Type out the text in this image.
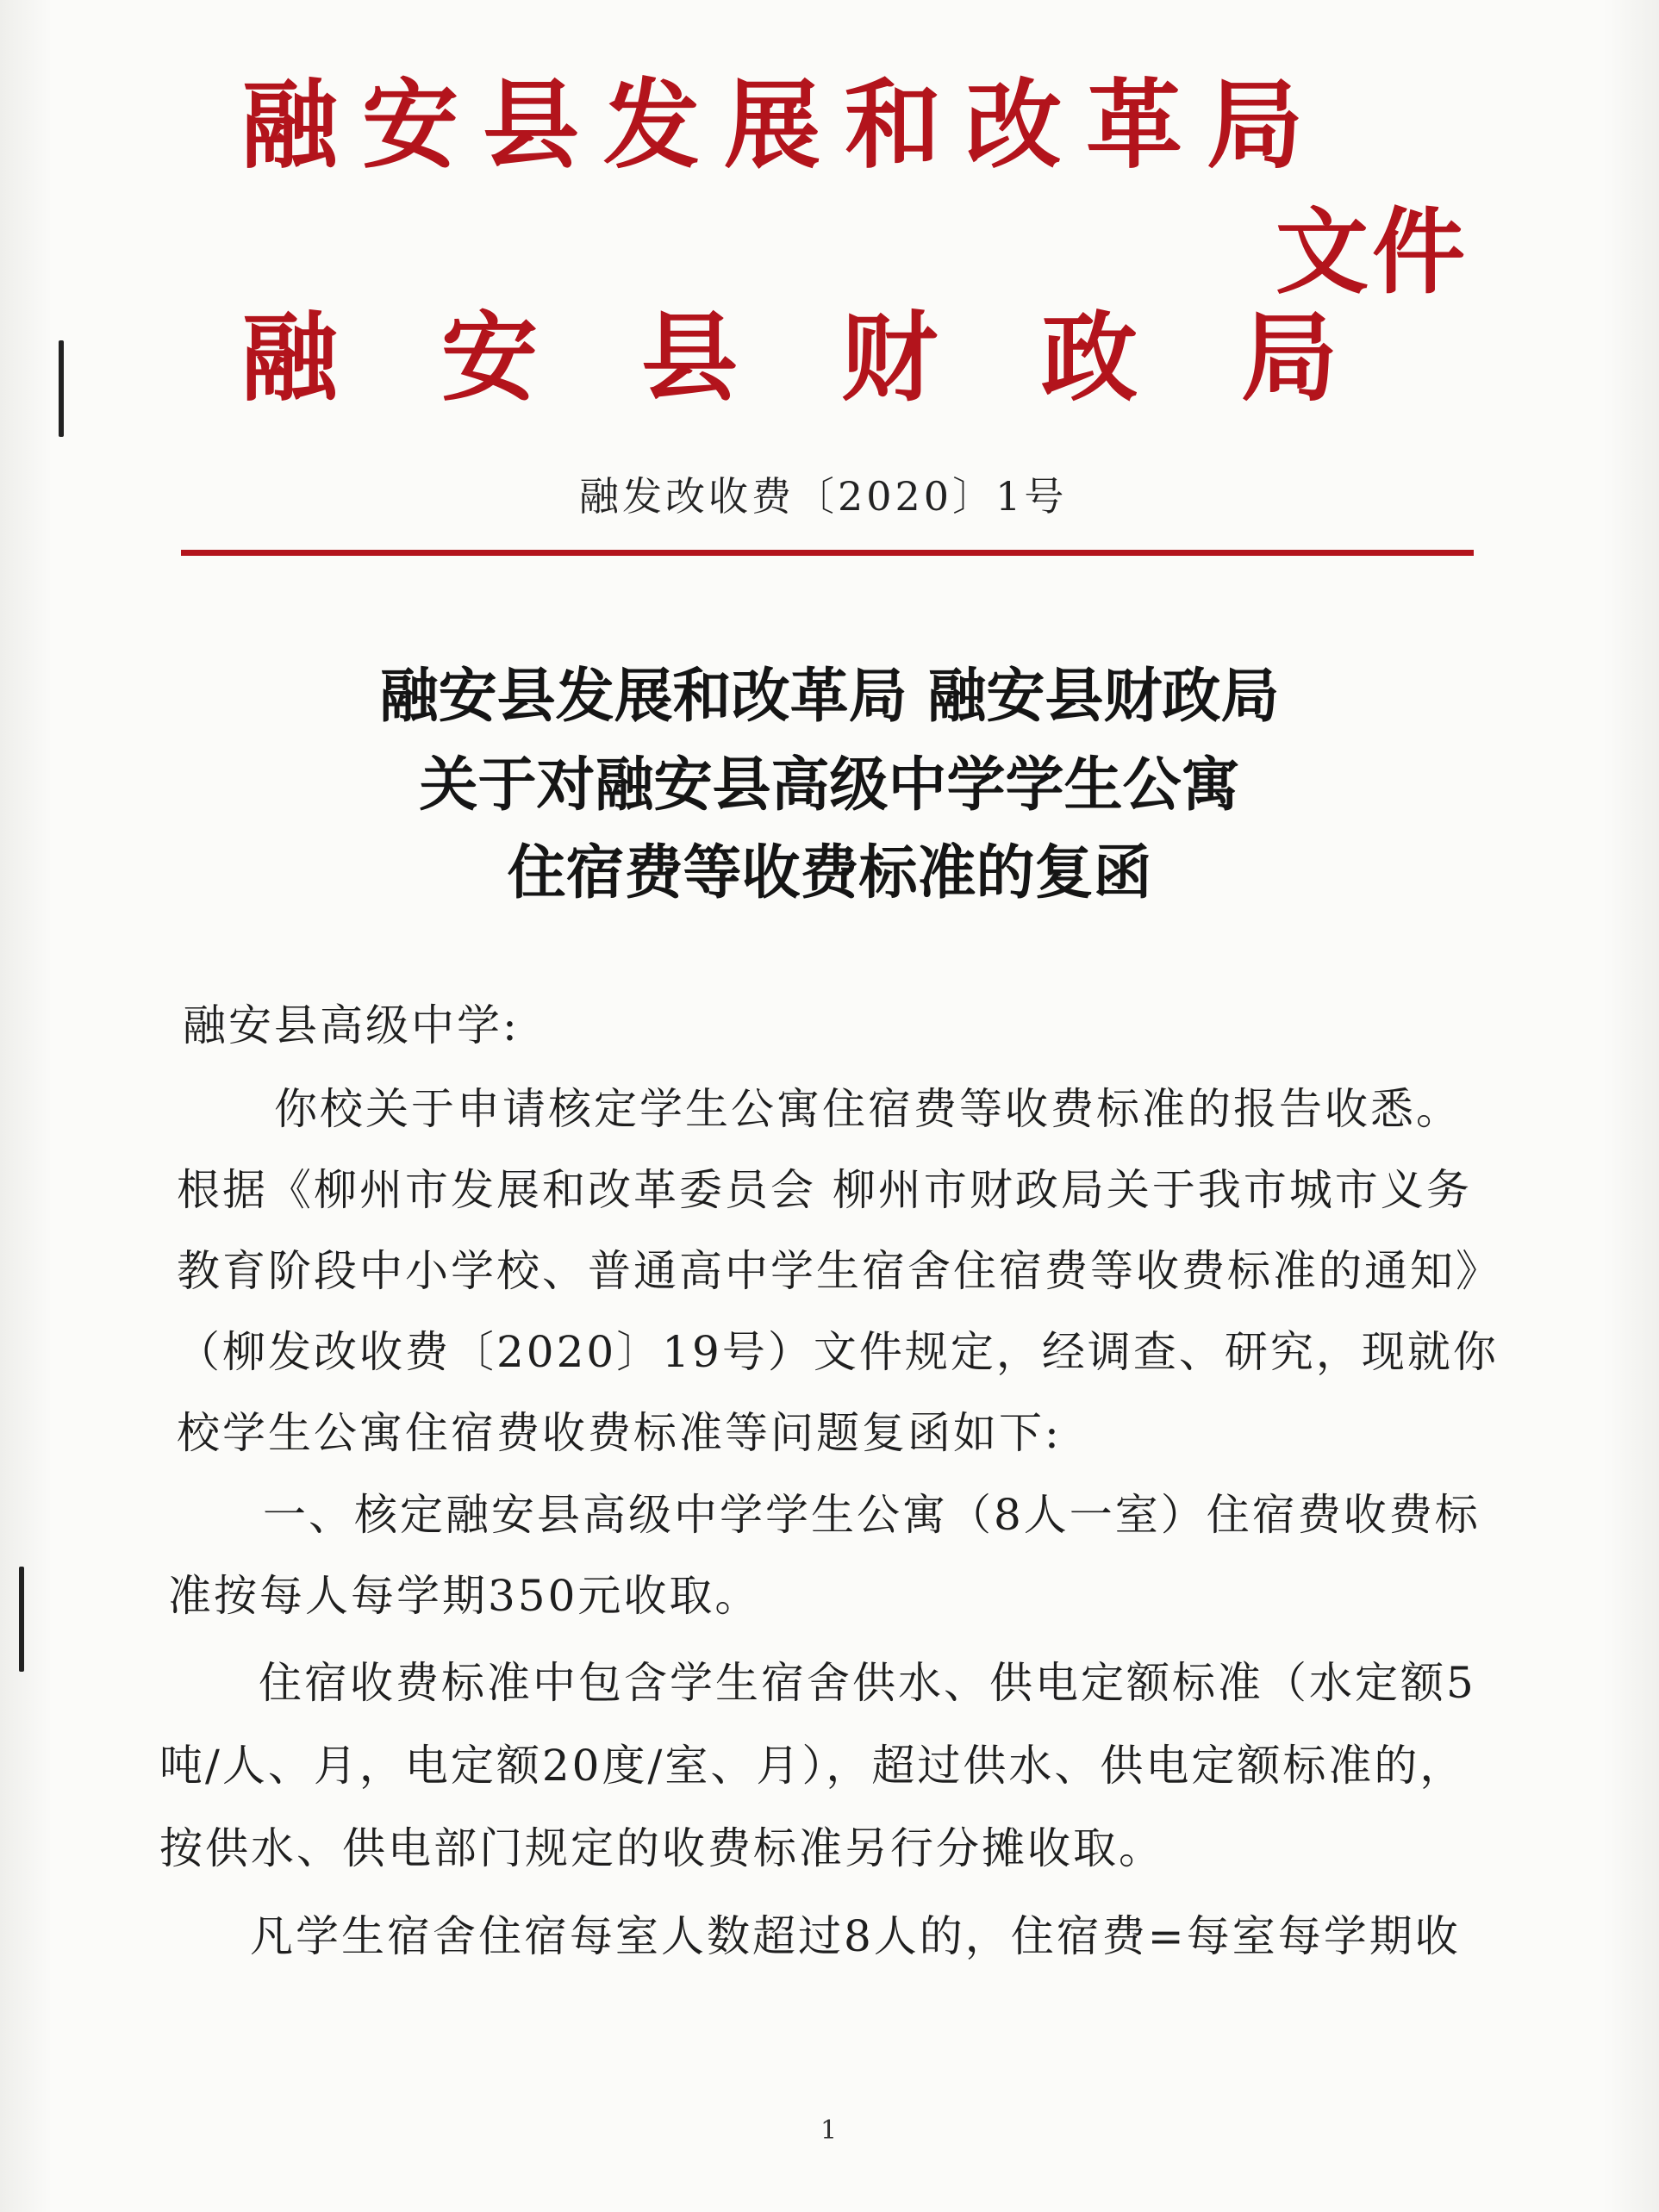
融安县发展和改革局
文件
融安县财政局
融发改收费〔2020〕1号
融安县发展和改革局 融安县财政局
关于对融安县高级中学学生公寓
住宿费等收费标准的复函
融安县高级中学:
你校关于申请核定学生公寓住宿费等收费标准的报告收悉。
根据《柳州市发展和改革委员会 柳州市财政局关于我市城市义务
教育阶段中小学校、普通高中学生宿舍住宿费等收费标准的通知》
（柳发改收费〔2020〕19号）文件规定，经调查、研究，现就你
校学生公寓住宿费收费标准等问题复函如下:
一、核定融安县高级中学学生公寓（8人一室）住宿费收费标
准按每人每学期350元收取。
住宿收费标准中包含学生宿舍供水、供电定额标准（水定额5
吨/人、月，电定额20度/室、月），超过供水、供电定额标准的，
按供水、供电部门规定的收费标准另行分摊收取。
凡学生宿舍住宿每室人数超过8人的，住宿费=每室每学期收
1
